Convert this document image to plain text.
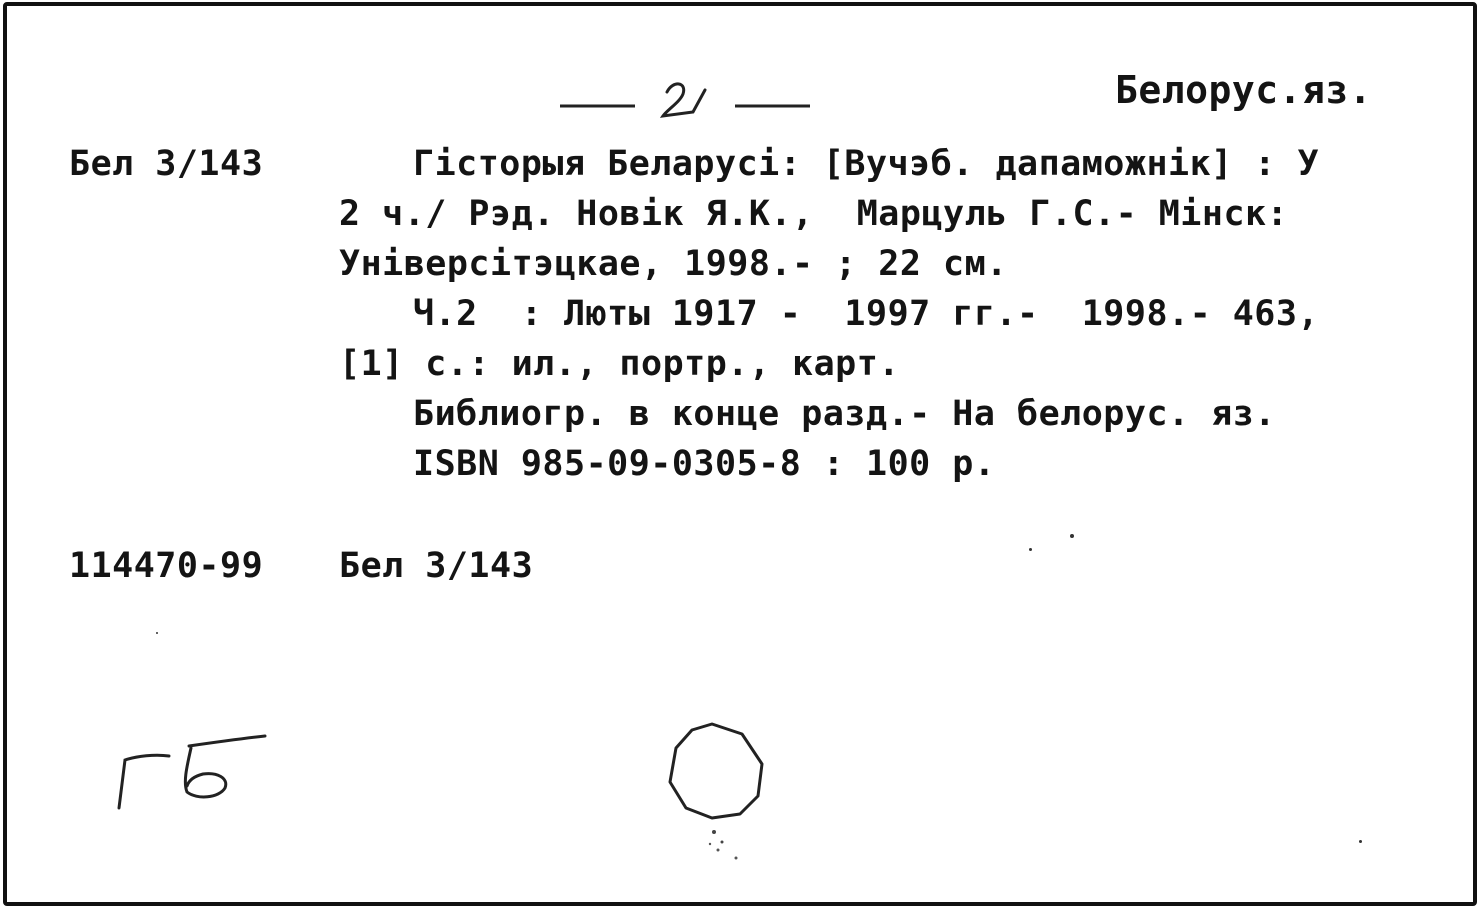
Белорус.яз.
Бел 3/143	Гісторыя Беларусі: [Вучэб. дапаможнік] : У
2 ч./ Рэд. Новік Я.К.,  Марцуль Г.С.- Мінск:
Універсітэцкае, 1998.- ; 22 см.
Ч.2  : Люты 1917 -  1997 гг.-  1998.- 463,
[1] с.: ил., портр., карт.
Библиогр. в конце разд.- На белорус. яз.
ISBN 985-09-0305-8 : 100 р.
114470-99 Бел 3/143
